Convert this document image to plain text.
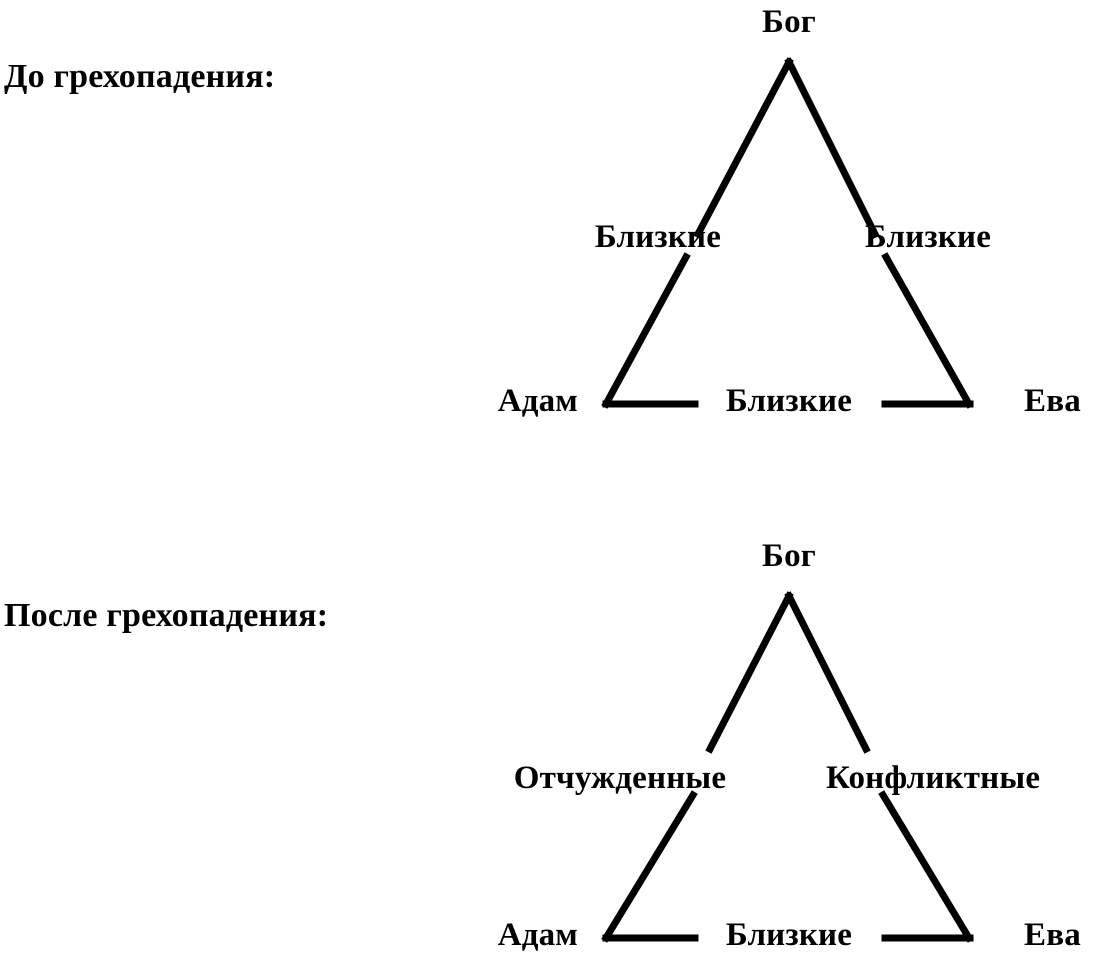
До грехопадения:
Бог
Близкие	Близкие
Близкие
Адам	Ева
После грехопадения:
Бог
Отчужденные	Конфликтные
Близкие
Адам	Ева
